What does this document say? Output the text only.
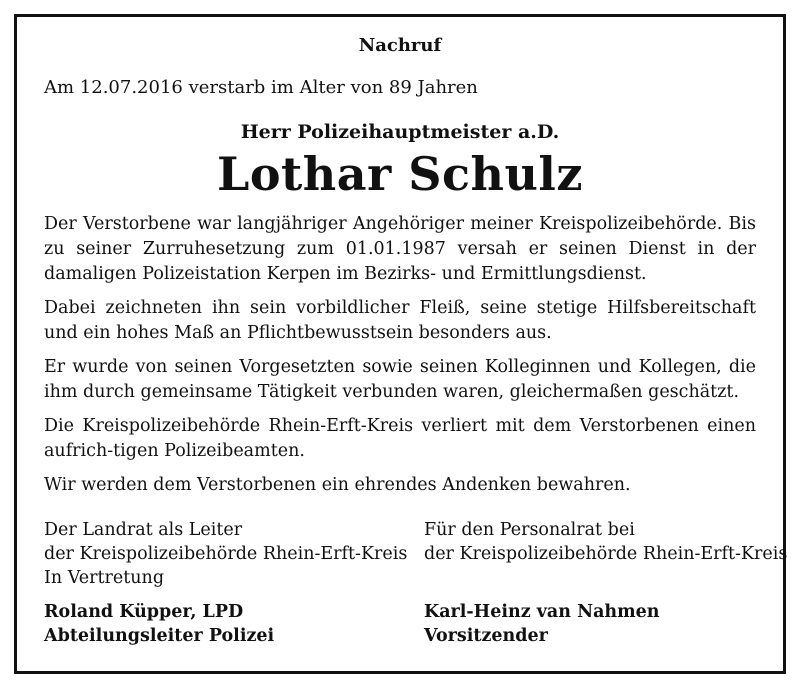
Nachruf

Am 12.07.2016 verstarb im Alter von 89 Jahren

Herr Polizeihauptmeister a.D.

Lothar Schulz

Der Verstorbene war langjähriger Angehöriger meiner Kreispolizeibehörde. Bis zu seiner Zurruhesetzung zum 01.01.1987 versah er seinen Dienst in der damaligen Polizeistation Kerpen im Bezirks- und Ermittlungsdienst.

Dabei zeichneten ihn sein vorbildlicher Fleiß, seine stetige Hilfsbereitschaft und ein hohes Maß an Pflichtbewusstsein besonders aus.

Er wurde von seinen Vorgesetzten sowie seinen Kolleginnen und Kollegen, die ihm durch gemeinsame Tätigkeit verbunden waren, gleichermaßen geschätzt.

Die Kreispolizeibehörde Rhein-Erft-Kreis verliert mit dem Verstorbenen einen aufrich-tigen Polizeibeamten.

Wir werden dem Verstorbenen ein ehrendes Andenken bewahren.

Der Landrat als Leiter
der Kreispolizeibehörde Rhein-Erft-Kreis
In Vertretung
Für den Personalrat bei
der Kreispolizeibehörde Rhein-Erft-Kreis
Roland Küpper, LPD
Abteilungsleiter Polizei
Karl-Heinz van Nahmen
Vorsitzender
